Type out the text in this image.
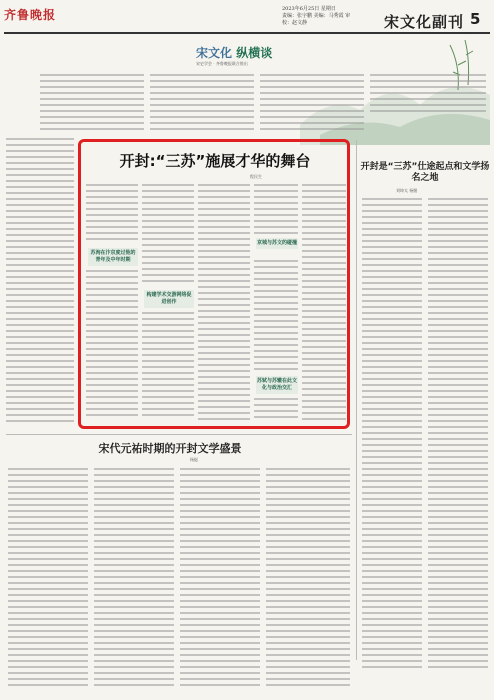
齐鲁晚报	2023年6月25日 星期日
责编：张宇鹏 美编：马秀霞 审校：赵文静	宋文化副刊 5
宋文化 纵横谈
宋史学会 · 齐鲁晚报联合推出
开封:“三苏”施展才华的舞台
程民生
苏洵在汴京度过他的青年及中年时期
构建学术交游网络促进创作
京城与苏文的碰撞
苏轼与苏辙在此文化与政治交汇
开封是“三苏”仕途起点和文学扬名之地
刘坤太 杨继
宋代元祐时期的开封文学盛景
杨挺
